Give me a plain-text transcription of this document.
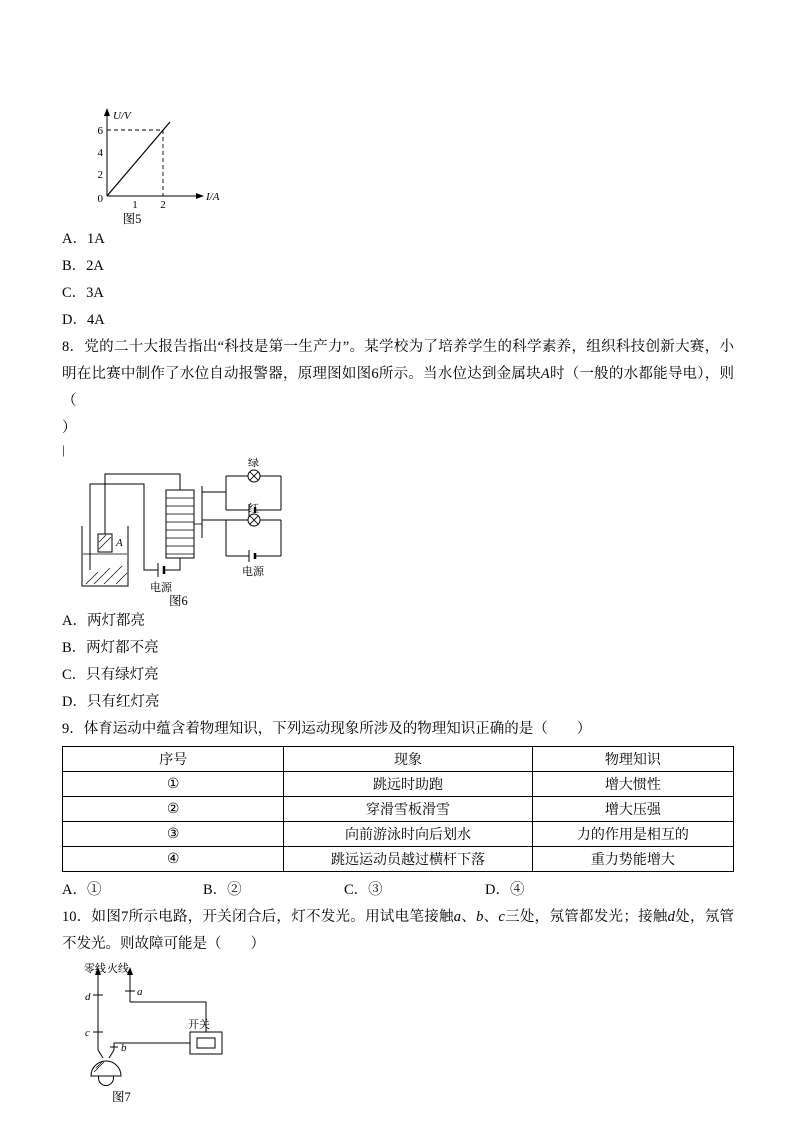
U/V
I/A
6
4
2
0	1 2
图5
A．1A
B．2A
C．3A
D．4A

8．党的二十大报告指出“科技是第一生产力”。某学校为了培养学生的科学素养，组织科技创新大赛，小明在比赛中制作了水位自动报警器，原理图如图6所示。当水位达到金属块A时（一般的水都能导电），则（

）

|

A
绿
红
电源
电源
图6
A．两灯都亮
B．两灯都不亮
C．只有绿灯亮
D．只有红灯亮

9．体育运动中蕴含着物理知识，下列运动现象所涉及的物理知识正确的是（　　）

序号	现象	物理知识
①	跳远时助跑	增大惯性
②	穿滑雪板滑雪	增大压强
③	向前游泳时向后划水	力的作用是相互的
④	跳远运动员越过横杆下落	重力势能增大
A．①	B．②	C．③	D．④

10．如图7所示电路，开关闭合后，灯不发光。用试电笔接触a、b、c三处，氖管都发光；接触d处，氖管不发光。则故障可能是（　　）

零线 火线
d	a
c
b
开关
图7
